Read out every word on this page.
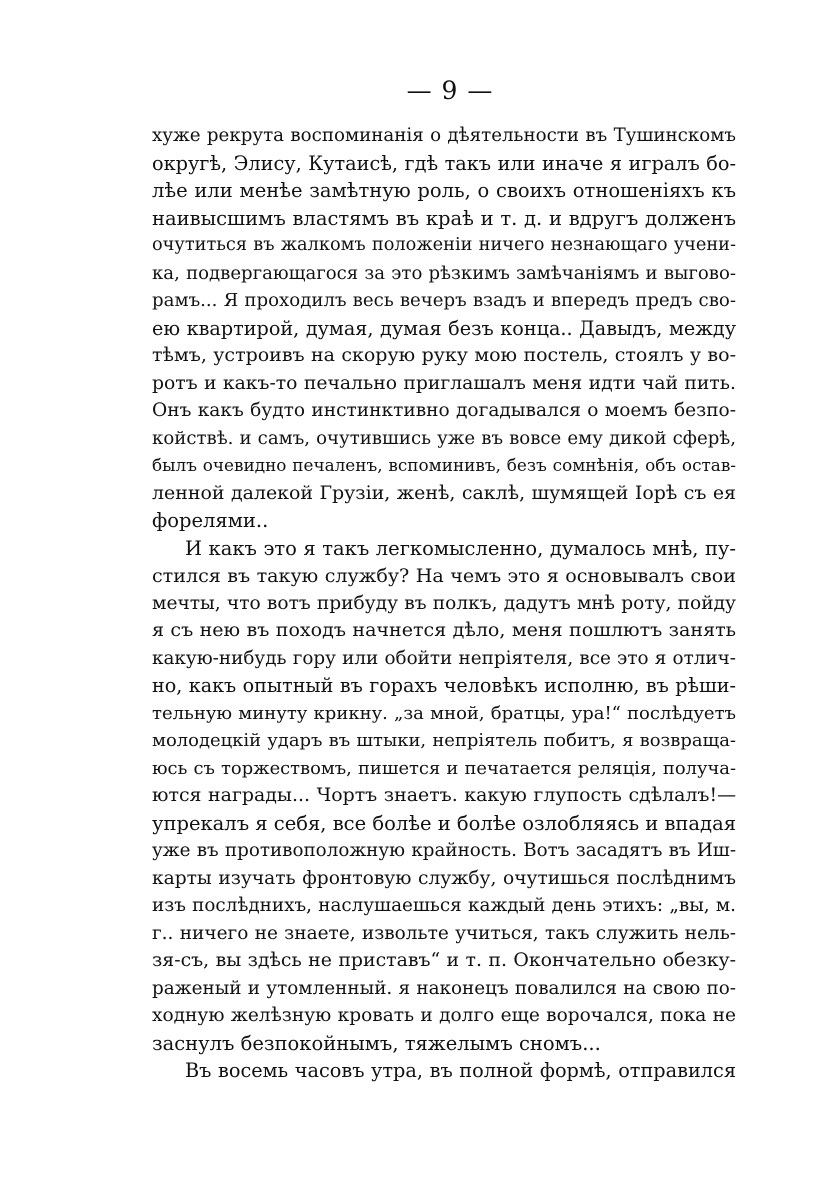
— 9 —
хуже рекрута воспоминанія о дѣятельности въ Тушинскомъ
округѣ, Элису, Кутаисѣ, гдѣ такъ или иначе я игралъ бо-
лѣе или менѣе замѣтную роль, о своихъ отношеніяхъ къ
наивысшимъ властямъ въ краѣ и т. д. и вдругъ долженъ
очутиться въ жалкомъ положеніи ничего незнающаго учени-
ка, подвергающагося за это рѣзкимъ замѣчаніямъ и выгово-
рамъ... Я проходилъ весь вечеръ взадъ и впередъ предъ сво-
ею квартирой, думая, думая безъ конца.. Давыдъ, между
тѣмъ, устроивъ на скорую руку мою постель, стоялъ у во-
ротъ и какъ-то печально приглашалъ меня идти чай пить.
Онъ какъ будто инстинктивно догадывался о моемъ безпо-
койствѣ. и самъ, очутившись уже въ вовсе ему дикой сферѣ,
былъ очевидно печаленъ, вспоминивъ, безъ сомнѣнія, объ остав-
ленной далекой Грузіи, женѣ, саклѣ, шумящей Іорѣ съ ея
форелями..
И какъ это я такъ легкомысленно, думалось мнѣ, пу-
стился въ такую службу? На чемъ это я основывалъ свои
мечты, что вотъ прибуду въ полкъ, дадутъ мнѣ роту, пойду
я съ нею въ походъ начнется дѣло, меня пошлютъ занять
какую-нибудь гору или обойти непріятеля, все это я отлич-
но, какъ опытный въ горахъ человѣкъ исполню, въ рѣши-
тельную минуту крикну. „за мной, братцы, ура!“ послѣдуетъ
молодецкій ударъ въ штыки, непріятель побитъ, я возвраща-
юсь съ торжествомъ, пишется и печатается реляція, получа-
ются награды... Чортъ знаетъ. какую глупость сдѣлалъ!—
упрекалъ я себя, все болѣе и болѣе озлобляясь и впадая
уже въ противоположную крайность. Вотъ засадятъ въ Иш-
карты изучать фронтовую службу, очутишься послѣднимъ
изъ послѣднихъ, наслушаешься каждый день этихъ: „вы, м.
г.. ничего не знаете, извольте учиться, такъ служить нель-
зя-съ, вы здѣсь не приставъ“ и т. п. Окончательно обезку-
раженый и утомленный. я наконецъ повалился на свою по-
ходную желѣзную кровать и долго еще ворочался, пока не
заснулъ безпокойнымъ, тяжелымъ сномъ...
Въ восемь часовъ утра, въ полной формѣ, отправился
